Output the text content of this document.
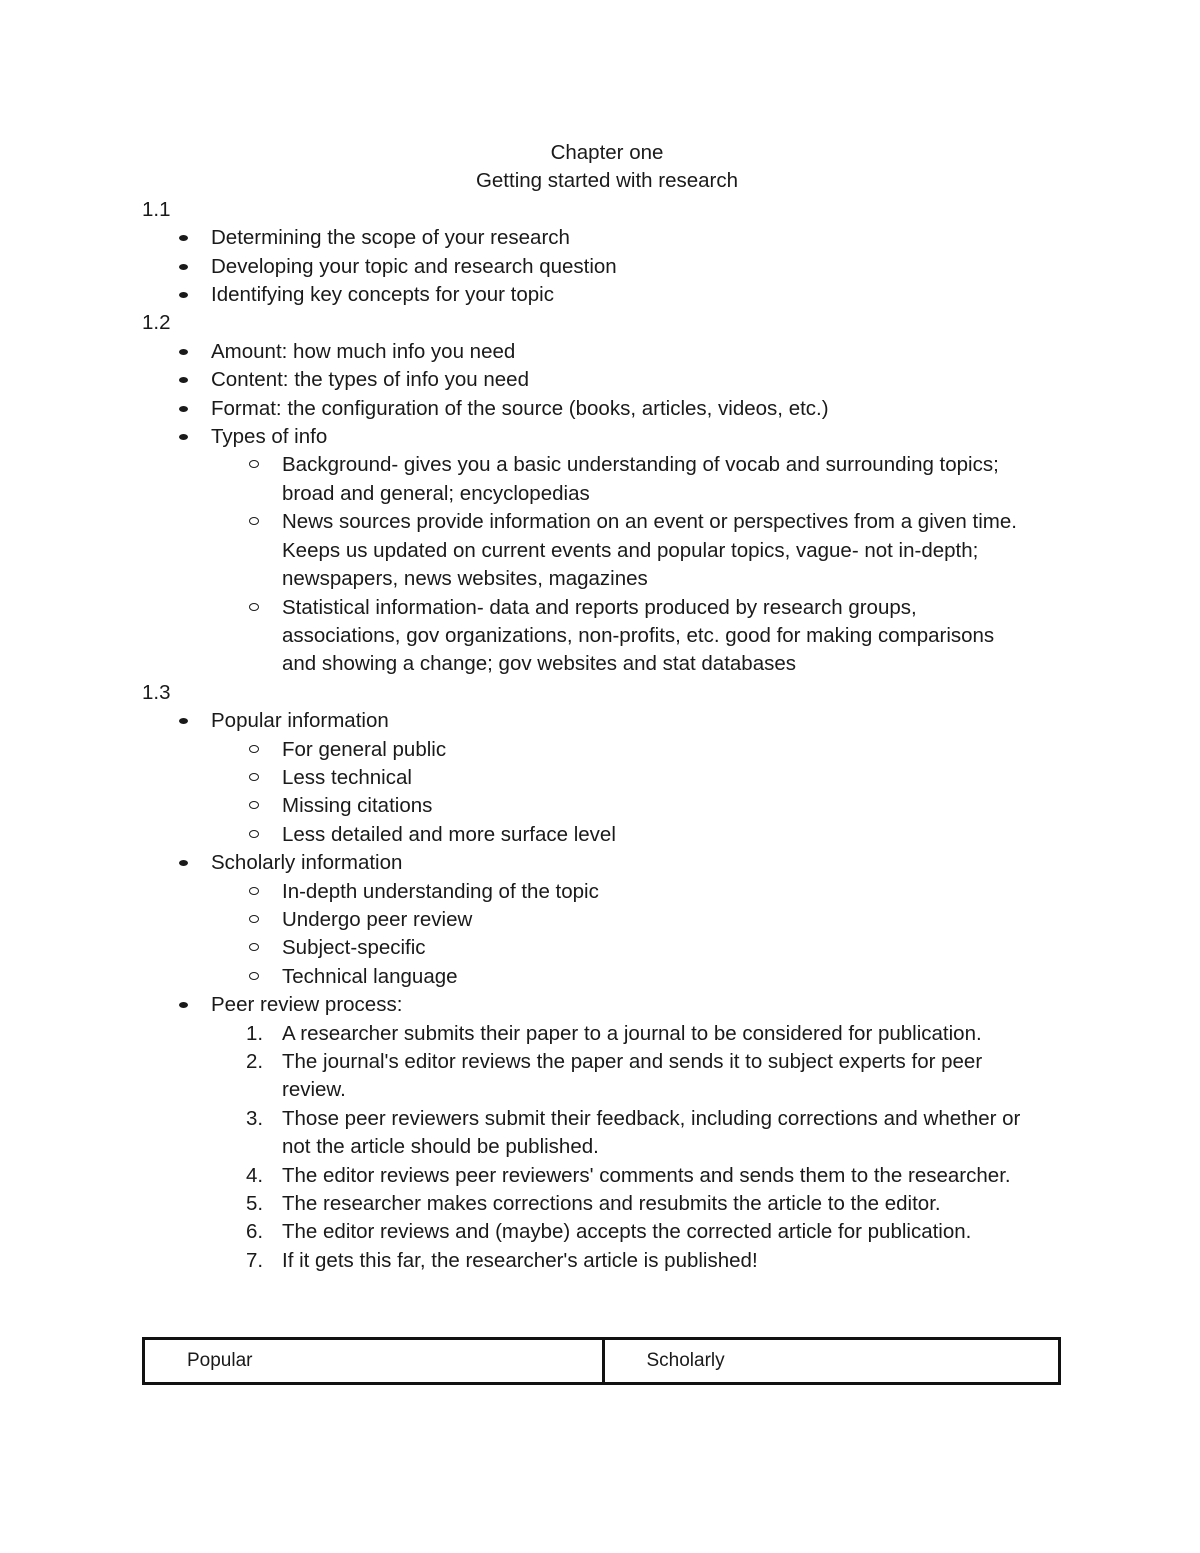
Chapter one
Getting started with research
1.1
Determining the scope of your research
Developing your topic and research question
Identifying key concepts for your topic
1.2
Amount: how much info you need
Content: the types of info you need
Format: the configuration of the source (books, articles, videos, etc.)
Types of info
Background- gives you a basic understanding of vocab and surrounding topics;
broad and general; encyclopedias
News sources provide information on an event or perspectives from a given time.
Keeps us updated on current events and popular topics, vague- not in-depth;
newspapers, news websites, magazines
Statistical information- data and reports produced by research groups,
associations, gov organizations, non-profits, etc. good for making comparisons
and showing a change; gov websites and stat databases
1.3
Popular information
For general public
Less technical
Missing citations
Less detailed and more surface level
Scholarly information
In-depth understanding of the topic
Undergo peer review
Subject-specific
Technical language
Peer review process:
1. A researcher submits their paper to a journal to be considered for publication.
2. The journal's editor reviews the paper and sends it to subject experts for peer
review.
3. Those peer reviewers submit their feedback, including corrections and whether or
not the article should be published.
4. The editor reviews peer reviewers' comments and sends them to the researcher.
5. The researcher makes corrections and resubmits the article to the editor.
6. The editor reviews and (maybe) accepts the corrected article for publication.
7. If it gets this far, the researcher's article is published!
Popular	Scholarly
